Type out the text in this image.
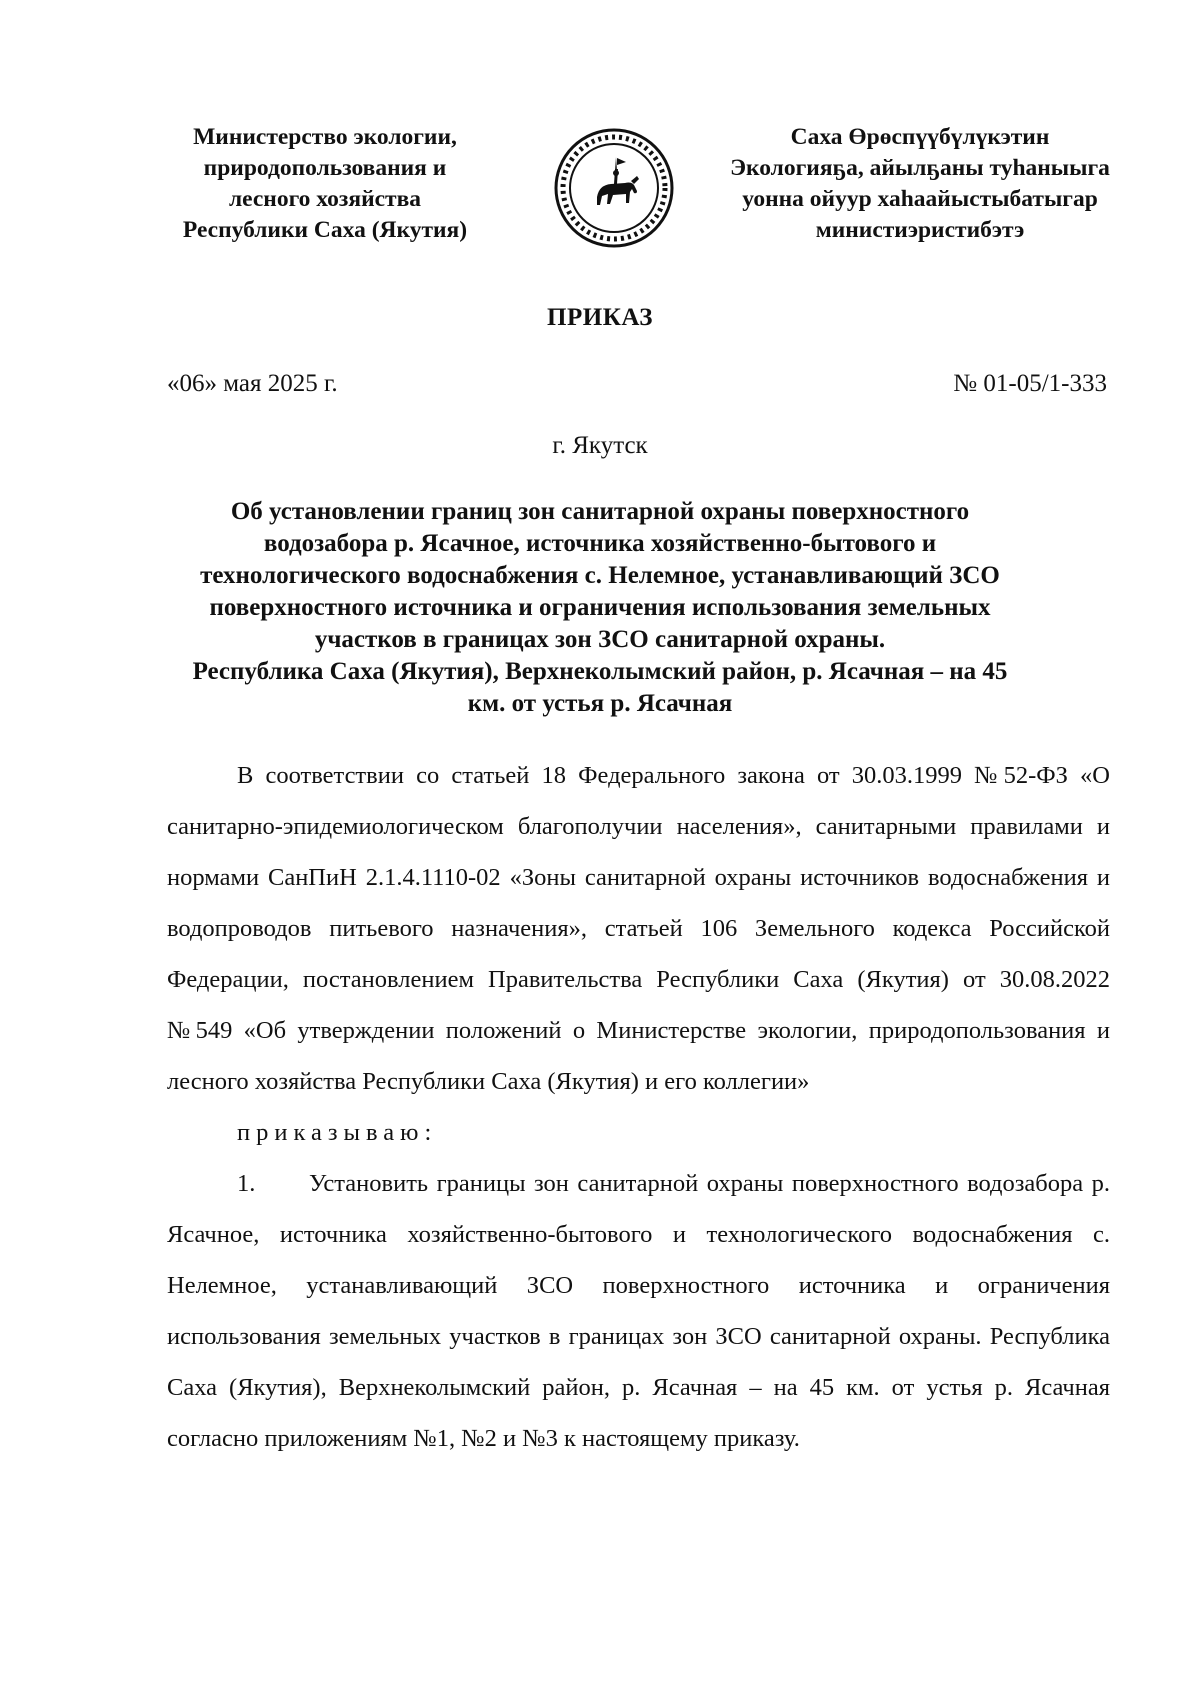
Министерство экологии,
природопользования и
лесного хозяйства
Республики Саха (Якутия)
Саха Өрөспүүбүлүкэтин
Экологияҕа, айылҕаны туһаныыга
уонна ойуур хаһаайыстыбатыгар
министиэристибэтэ
ПРИКАЗ
«06» мая 2025 г.	№ 01-05/1-333
г. Якутск
Об установлении границ зон санитарной охраны поверхностного
водозабора р. Ясачное, источника хозяйственно-бытового и
технологического водоснабжения с. Нелемное, устанавливающий ЗСО
поверхностного источника и ограничения использования земельных
участков в границах зон ЗСО санитарной охраны.
Республика Саха (Якутия), Верхнеколымский район, р. Ясачная – на 45
км. от устья р. Ясачная

В соответствии со статьей 18 Федерального закона от 30.03.1999 №52-ФЗ «О санитарно-эпидемиологическом благополучии населения», санитарными правилами и нормами СанПиН 2.1.4.1110-02 «Зоны санитарной охраны источников водоснабжения и водопроводов питьевого назначения», статьей 106 Земельного кодекса Российской Федерации, постановлением Правительства Республики Саха (Якутия) от 30.08.2022 №549 «Об утверждении положений о Министерстве экологии, природопользования и лесного хозяйства Республики Саха (Якутия) и его коллегии»

приказываю:

1. Установить границы зон санитарной охраны поверхностного водозабора р. Ясачное, источника хозяйственно-бытового и технологического водоснабжения с. Нелемное, устанавливающий ЗСО поверхностного источника и ограничения использования земельных участков в границах зон ЗСО санитарной охраны. Республика Саха (Якутия), Верхнеколымский район, р. Ясачная – на 45 км. от устья р. Ясачная согласно приложениям №1, №2 и №3 к настоящему приказу.
